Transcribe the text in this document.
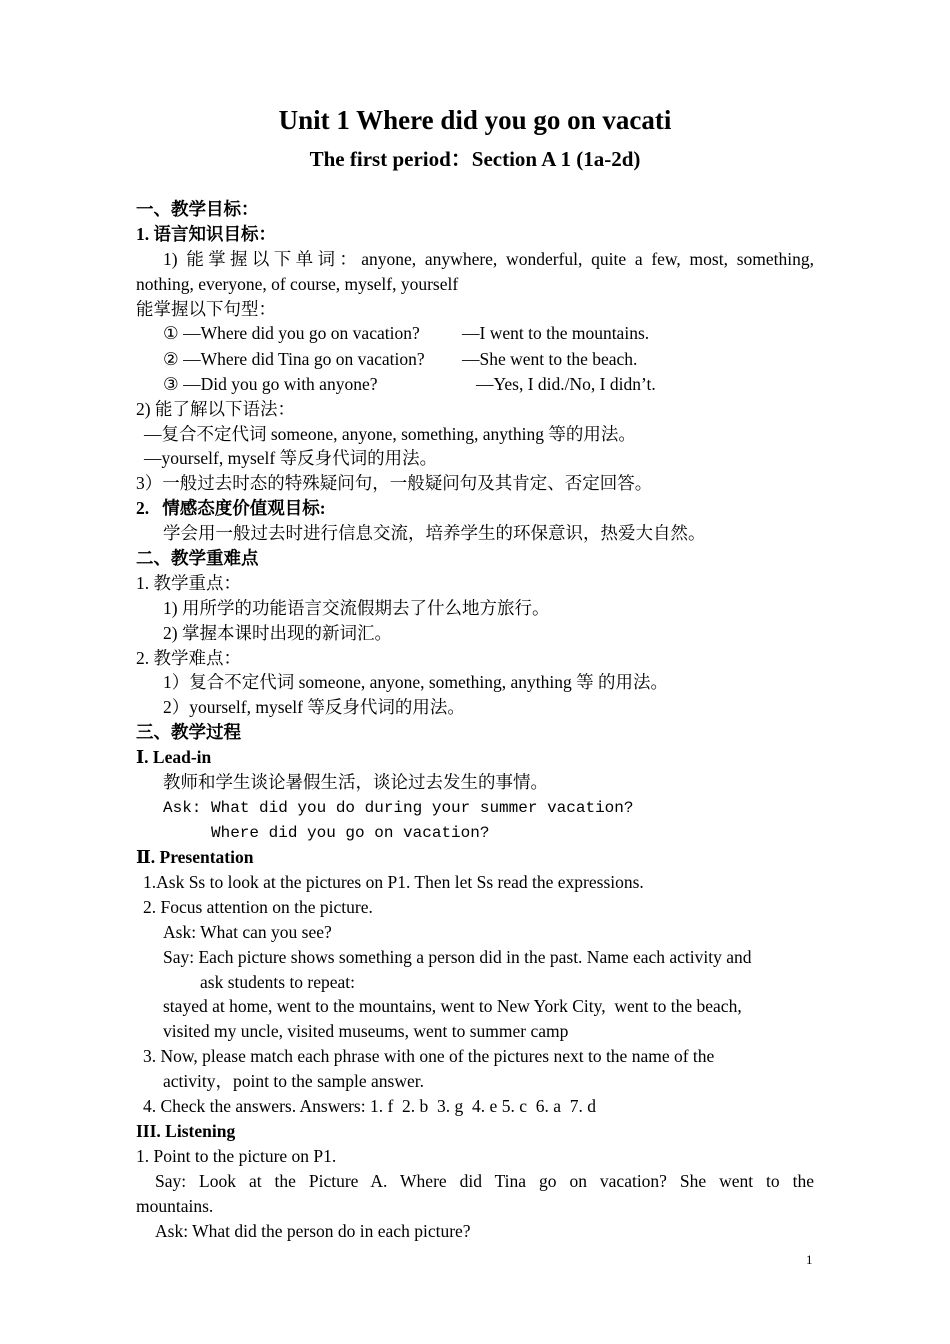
Unit 1 Where did you go on vacati
The first period：Section A 1 (1a-2d)
一、教学目标：
1. 语言知识目标：
1) 能掌握以下单词：anyone, anywhere, wonderful, quite a few, most, something,
nothing, everyone, of course, myself, yourself
能掌握以下句型：
① —Where did you go on vacation? —I went to the mountains.
② —Where did Tina go on vacation? —She went to the beach.
③ —Did you go with anyone?	—Yes, I did./No, I didn’t.
2) 能了解以下语法：
—复合不定代词 someone, anyone, something, anything 等的用法。
—yourself, myself 等反身代词的用法。
3）一般过去时态的特殊疑问句，一般疑问句及其肯定、否定回答。
2.   情感态度价值观目标:
学会用一般过去时进行信息交流，培养学生的环保意识，热爱大自然。
二、教学重难点
1. 教学重点：
1) 用所学的功能语言交流假期去了什么地方旅行。
2) 掌握本课时出现的新词汇。
2. 教学难点：
1）复合不定代词 someone, anyone, something, anything 等 的用法。
2）yourself, myself 等反身代词的用法。
三、教学过程
Ⅰ. Lead-in
教师和学生谈论暑假生活，谈论过去发生的事情。
Ask: What did you do during your summer vacation?
Where did you go on vacation?
Ⅱ. Presentation
1.Ask Ss to look at the pictures on P1. Then let Ss read the expressions.
2. Focus attention on the picture.
Ask: What can you see?
Say: Each picture shows something a person did in the past. Name each activity and
ask students to repeat:
stayed at home, went to the mountains, went to New York City,  went to the beach,
visited my uncle, visited museums, went to summer camp
3. Now, please match each phrase with one of the pictures next to the name of the
activity，point to the sample answer.
4. Check the answers. Answers: 1. f  2. b  3. g  4. e 5. c  6. a  7. d
III. Listening
1. Point to the picture on P1.
Say: Look at the Picture A. Where did Tina go on vacation? She went to the
mountains.
Ask: What did the person do in each picture?
1
